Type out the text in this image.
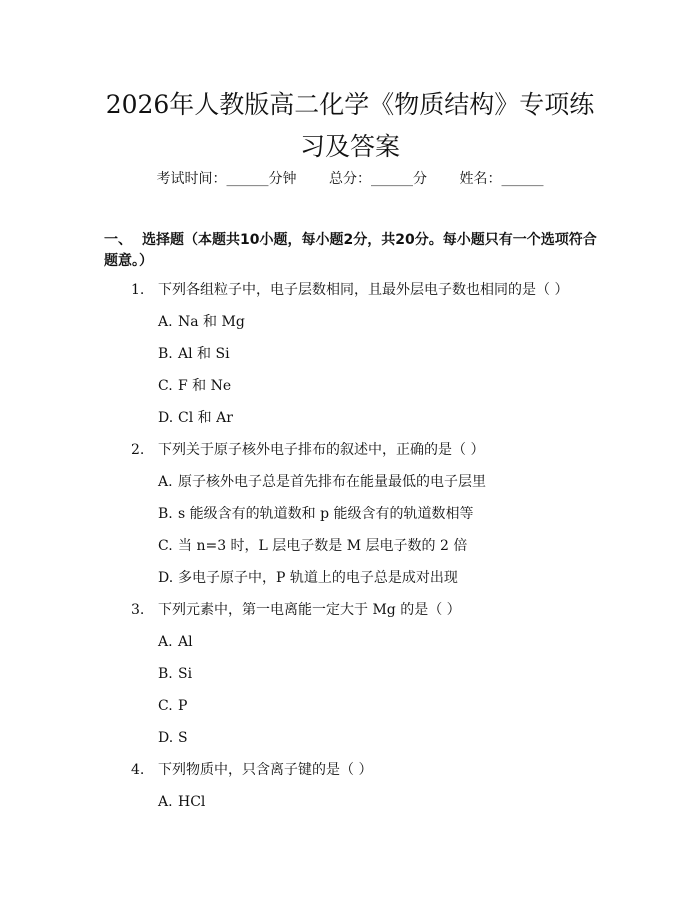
2026年人教版高二化学《物质结构》专项练
习及答案
考试时间：______分钟 总分：______分 姓名：______
一、 选择题（本题共10小题，每小题2分，共20分。每小题只有一个选项符合
题意。）
1. 下列各组粒子中，电子层数相同，且最外层电子数也相同的是（ ）
A. Na 和 Mg
B. Al 和 Si
C. F 和 Ne
D. Cl 和 Ar
2. 下列关于原子核外电子排布的叙述中，正确的是（ ）
A. 原子核外电子总是首先排布在能量最低的电子层里
B. s 能级含有的轨道数和 p 能级含有的轨道数相等
C. 当 n=3 时，L 层电子数是 M 层电子数的 2 倍
D. 多电子原子中，P 轨道上的电子总是成对出现
3. 下列元素中，第一电离能一定大于 Mg 的是（ ）
A. Al
B. Si
C. P
D. S
4. 下列物质中，只含离子键的是（ ）
A. HCl
